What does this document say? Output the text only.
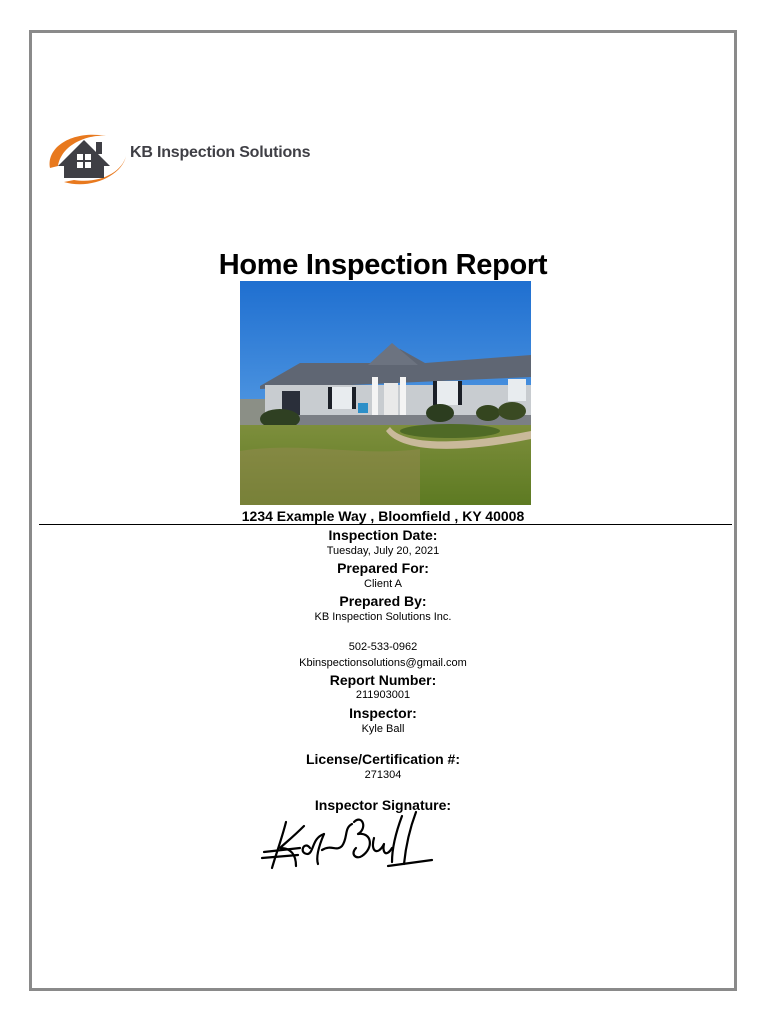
KB Inspection Solutions
Home Inspection Report
1234 Example Way , Bloomfield , KY 40008
Inspection Date:
Tuesday, July 20, 2021
Prepared For:
Client A
Prepared By:
KB Inspection Solutions Inc.
502-533-0962
Kbinspectionsolutions@gmail.com
Report Number:
211903001
Inspector:
Kyle Ball
License/Certification #:
271304
Inspector Signature:
